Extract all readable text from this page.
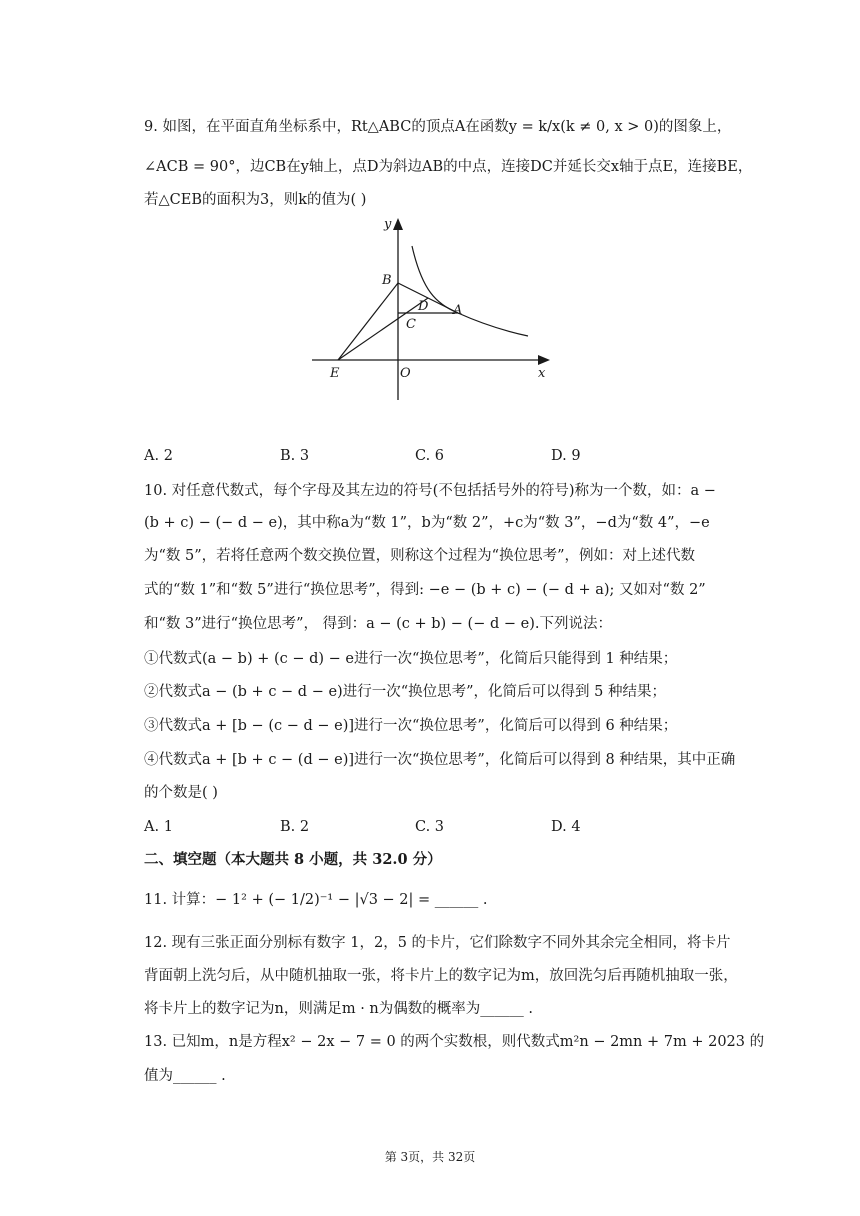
9. 如图，在平面直角坐标系中，Rt△ABC的顶点A在函数y = k/x(k ≠ 0, x > 0)的图象上，
∠ACB = 90°，边CB在y轴上，点D为斜边AB的中点，连接DC并延长交x轴于点E，连接BE，
若△CEB的面积为3，则k的值为( )
y
B
D A
C
E	O	x
A. 2	B. 3	C. 6	D. 9
10. 对任意代数式，每个字母及其左边的符号(不包括括号外的符号)称为一个数，如：a −
(b + c) − (− d − e)，其中称a为“数 1”，b为“数 2”，+c为“数 3”，−d为“数 4”，−e
为“数 5”，若将任意两个数交换位置，则称这个过程为“换位思考”，例如：对上述代数
式的“数 1”和“数 5”进行“换位思考”，得到: −e − (b + c) − (− d + a); 又如对“数 2”
和“数 3”进行“换位思考”， 得到：a − (c + b) − (− d − e).下列说法：
①代数式(a − b) + (c − d) − e进行一次“换位思考”，化简后只能得到 1 种结果；
②代数式a − (b + c − d − e)进行一次“换位思考”，化简后可以得到 5 种结果；
③代数式a + [b − (c − d − e)]进行一次“换位思考”，化简后可以得到 6 种结果；
④代数式a + [b + c − (d − e)]进行一次“换位思考”，化简后可以得到 8 种结果，其中正确
的个数是( )
A. 1	B. 2	C. 3	D. 4
二、填空题（本大题共 8 小题，共 32.0 分）
11. 计算：− 1² + (− 1/2)⁻¹ − |√3 − 2| = ______ .
12. 现有三张正面分别标有数字 1，2，5 的卡片，它们除数字不同外其余完全相同，将卡片
背面朝上洗匀后，从中随机抽取一张，将卡片上的数字记为m，放回洗匀后再随机抽取一张，
将卡片上的数字记为n，则满足m · n为偶数的概率为______ .
13. 已知m，n是方程x² − 2x − 7 = 0 的两个实数根，则代数式m²n − 2mn + 7m + 2023 的
值为______ .
第 3页，共 32页
